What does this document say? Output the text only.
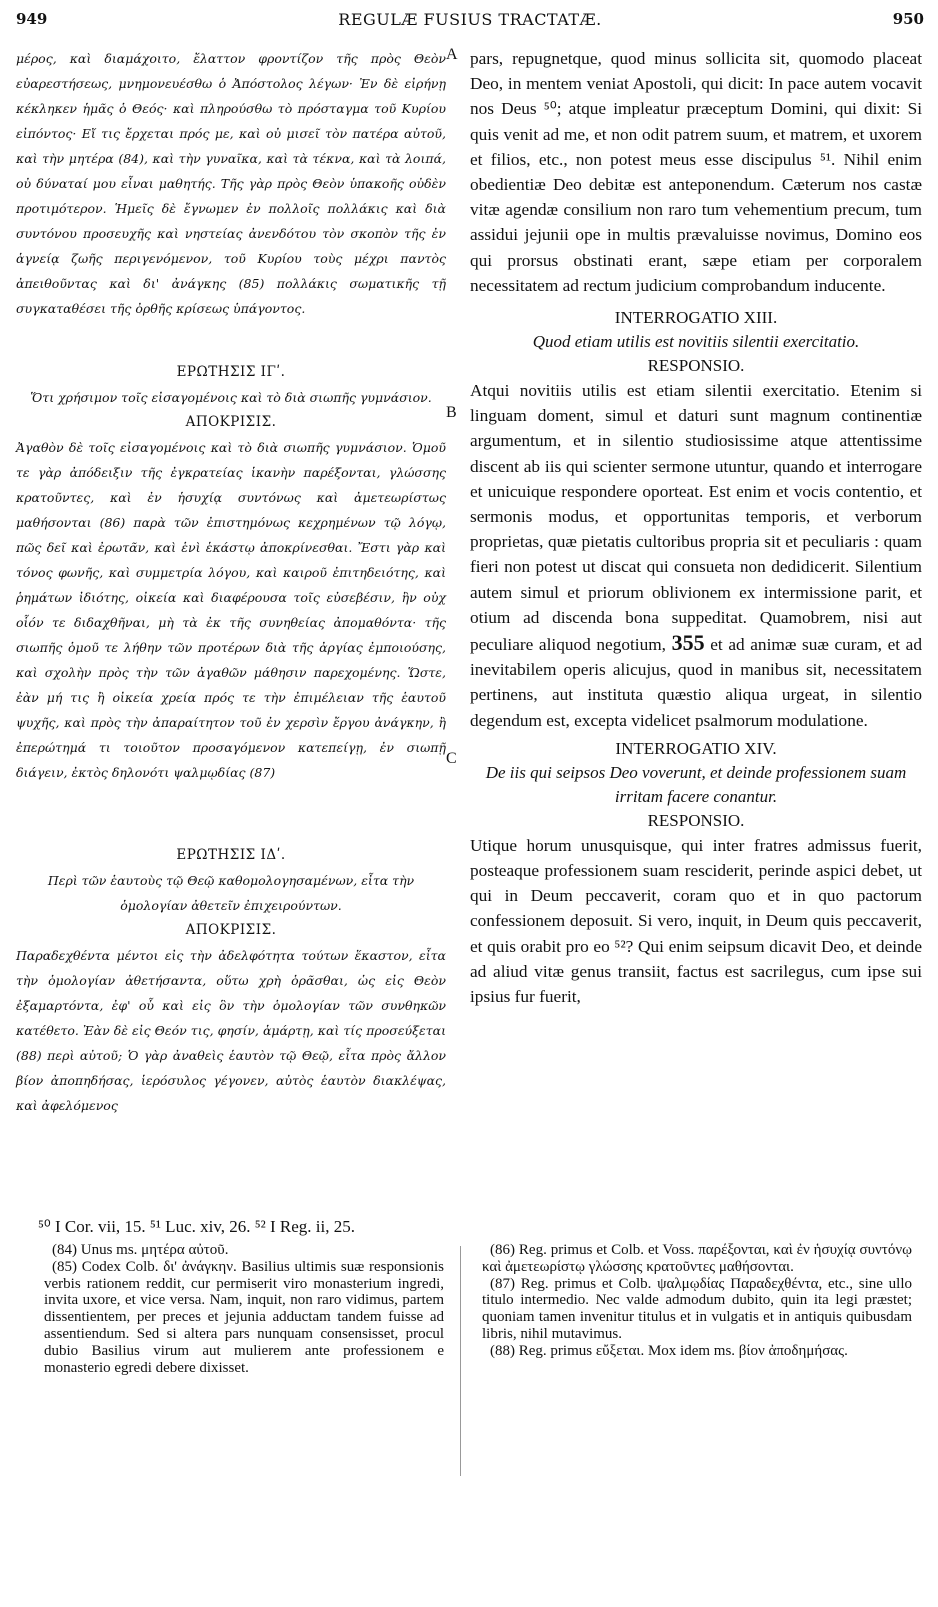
949	REGULÆ FUSIUS TRACTATÆ.	950
A
B
C

μέρος, καὶ διαμάχοιτο, ἔλαττον φροντίζον τῆς πρὸς Θεὸν εὐαρεστήσεως, μνημονευέσθω ὁ Ἀπόστολος λέγων· Ἐν δὲ εἰρήνῃ κέκληκεν ἡμᾶς ὁ Θεός· καὶ πληρούσθω τὸ πρόσταγμα τοῦ Κυρίου εἰπόντος· Εἴ τις ἔρχεται πρός με, καὶ οὐ μισεῖ τὸν πατέρα αὐτοῦ, καὶ τὴν μητέρα (84), καὶ τὴν γυναῖκα, καὶ τὰ τέκνα, καὶ τὰ λοιπά, οὐ δύναταί μου εἶναι μαθητής. Τῆς γὰρ πρὸς Θεὸν ὑπακοῆς οὐδὲν προτιμότερον. Ἡμεῖς δὲ ἔγνωμεν ἐν πολλοῖς πολλάκις καὶ διὰ συντόνου προσευχῆς καὶ νηστείας ἀνενδότου τὸν σκοπὸν τῆς ἐν ἁγνείᾳ ζωῆς περιγενόμενον, τοῦ Κυρίου τοὺς μέχρι παντὸς ἀπειθοῦντας καὶ δι' ἀνάγκης (85) πολλάκις σωματικῆς τῇ συγκαταθέσει τῆς ὀρθῆς κρίσεως ὑπάγοντος.

ΕΡΩΤΗΣΙΣ ΙΓʹ.

Ὅτι χρήσιμον τοῖς εἰσαγομένοις καὶ τὸ διὰ σιωπῆς γυμνάσιον.

ΑΠΟΚΡΙΣΙΣ.

Ἀγαθὸν δὲ τοῖς εἰσαγομένοις καὶ τὸ διὰ σιωπῆς γυμνάσιον. Ὁμοῦ τε γὰρ ἀπόδειξιν τῆς ἐγκρατείας ἱκανὴν παρέξονται, γλώσσης κρατοῦντες, καὶ ἐν ἡσυχίᾳ συντόνως καὶ ἀμετεωρίστως μαθήσονται (86) παρὰ τῶν ἐπιστημόνως κεχρημένων τῷ λόγῳ, πῶς δεῖ καὶ ἐρωτᾶν, καὶ ἑνὶ ἑκάστῳ ἀποκρίνεσθαι. Ἔστι γὰρ καὶ τόνος φωνῆς, καὶ συμμετρία λόγου, καὶ καιροῦ ἐπιτηδειότης, καὶ ῥημάτων ἰδιότης, οἰκεία καὶ διαφέρουσα τοῖς εὐσεβέσιν, ἣν οὐχ οἷόν τε διδαχθῆναι, μὴ τὰ ἐκ τῆς συνηθείας ἀπομαθόντα· τῆς σιωπῆς ὁμοῦ τε λήθην τῶν προτέρων διὰ τῆς ἀργίας ἐμποιούσης, καὶ σχολὴν πρὸς τὴν τῶν ἀγαθῶν μάθησιν παρεχομένης. Ὥστε, ἐὰν μή τις ἢ οἰκεία χρεία πρός τε τὴν ἐπιμέλειαν τῆς ἑαυτοῦ ψυχῆς, καὶ πρὸς τὴν ἀπαραίτητον τοῦ ἐν χερσὶν ἔργου ἀνάγκην, ἢ ἐπερώτημά τι τοιοῦτον προσαγόμενον κατεπείγῃ, ἐν σιωπῇ διάγειν, ἐκτὸς δηλονότι ψαλμῳδίας (87)

ΕΡΩΤΗΣΙΣ ΙΔʹ.

Περὶ τῶν ἑαυτοὺς τῷ Θεῷ καθομολογησαμένων, εἶτα τὴν ὁμολογίαν ἀθετεῖν ἐπιχειρούντων.

ΑΠΟΚΡΙΣΙΣ.

Παραδεχθέντα μέντοι εἰς τὴν ἀδελφότητα τούτων ἕκαστον, εἶτα τὴν ὁμολογίαν ἀθετήσαντα, οὕτω χρὴ ὁρᾶσθαι, ὡς εἰς Θεὸν ἐξαμαρτόντα, ἐφ' οὗ καὶ εἰς ὃν τὴν ὁμολογίαν τῶν συνθηκῶν κατέθετο. Ἐὰν δὲ εἰς Θεόν τις, φησίν, ἁμάρτῃ, καὶ τίς προσεύξεται (88) περὶ αὐτοῦ; Ὁ γὰρ ἀναθεὶς ἑαυτὸν τῷ Θεῷ, εἶτα πρὸς ἄλλον βίον ἀποπηδήσας, ἱερόσυλος γέγονεν, αὐτὸς ἑαυτὸν διακλέψας, καὶ ἀφελόμενος

pars, repugnetque, quod minus sollicita sit, quomodo placeat Deo, in mentem veniat Apostoli, qui dicit: In pace autem vocavit nos Deus ⁵⁰; atque impleatur præceptum Domini, qui dixit: Si quis venit ad me, et non odit patrem suum, et matrem, et uxorem et filios, etc., non potest meus esse discipulus ⁵¹. Nihil enim obedientiæ Deo debitæ est anteponendum. Cæterum nos castæ vitæ agendæ consilium non raro tum vehementium precum, tum assidui jejunii ope in multis prævaluisse novimus, Domino eos qui prorsus obstinati erant, sæpe etiam per corporalem necessitatem ad rectum judicium comprobandum inducente.

INTERROGATIO XIII.

Quod etiam utilis est novitiis silentii exercitatio.

RESPONSIO.

Atqui novitiis utilis est etiam silentii exercitatio. Etenim si linguam doment, simul et daturi sunt magnum continentiæ argumentum, et in silentio studiosissime atque attentissime discent ab iis qui scienter sermone utuntur, quando et interrogare et unicuique respondere oporteat. Est enim et vocis contentio, et sermonis modus, et opportunitas temporis, et verborum proprietas, quæ pietatis cultoribus propria sit et peculiaris : quam fieri non potest ut discat qui consueta non dedidicerit. Silentium autem simul et priorum oblivionem ex intermissione parit, et otium ad discenda bona suppeditat. Quamobrem, nisi aut peculiare aliquod negotium, 355 et ad animæ suæ curam, et ad inevitabilem operis alicujus, quod in manibus sit, necessitatem pertinens, aut instituta quæstio aliqua urgeat, in silentio degendum est, excepta videlicet psalmorum modulatione.

INTERROGATIO XIV.

De iis qui seipsos Deo voverunt, et deinde professionem suam irritam facere conantur.

RESPONSIO.

Utique horum unusquisque, qui inter fratres admissus fuerit, posteaque professionem suam resciderit, perinde aspici debet, ut qui in Deum peccaverit, coram quo et in quo pactorum confessionem deposuit. Si vero, inquit, in Deum quis peccaverit, et quis orabit pro eo ⁵²? Qui enim seipsum dicavit Deo, et deinde ad aliud vitæ genus transiit, factus est sacrilegus, cum ipse sui ipsius fur fuerit,

⁵⁰ I Cor. vii, 15. ⁵¹ Luc. xiv, 26. ⁵² I Reg. ii, 25.

(84) Unus ms. μητέρα αὐτοῦ.

(85) Codex Colb. δι' ἀνάγκην. Basilius ultimis suæ responsionis verbis rationem reddit, cur permiserit viro monasterium ingredi, invita uxore, et vice versa. Nam, inquit, non raro vidimus, partem dissentientem, per preces et jejunia adductam tandem fuisse ad assentiendum. Sed si altera pars nunquam consensisset, procul dubio Basilius virum aut mulierem ante professionem e monasterio egredi debere dixisset.

(86) Reg. primus et Colb. et Voss. παρέξονται, καὶ ἐν ἡσυχίᾳ συντόνῳ καὶ ἀμετεωρίστῳ γλώσσης κρατοῦντες μαθήσονται.

(87) Reg. primus et Colb. ψαλμῳδίας Παραδεχθέντα, etc., sine ullo titulo intermedio. Nec valde admodum dubito, quin ita legi præstet; quoniam tamen invenitur titulus et in vulgatis et in antiquis quibusdam libris, nihil mutavimus.

(88) Reg. primus εὔξεται. Mox idem ms. βίον ἀποδημήσας.
